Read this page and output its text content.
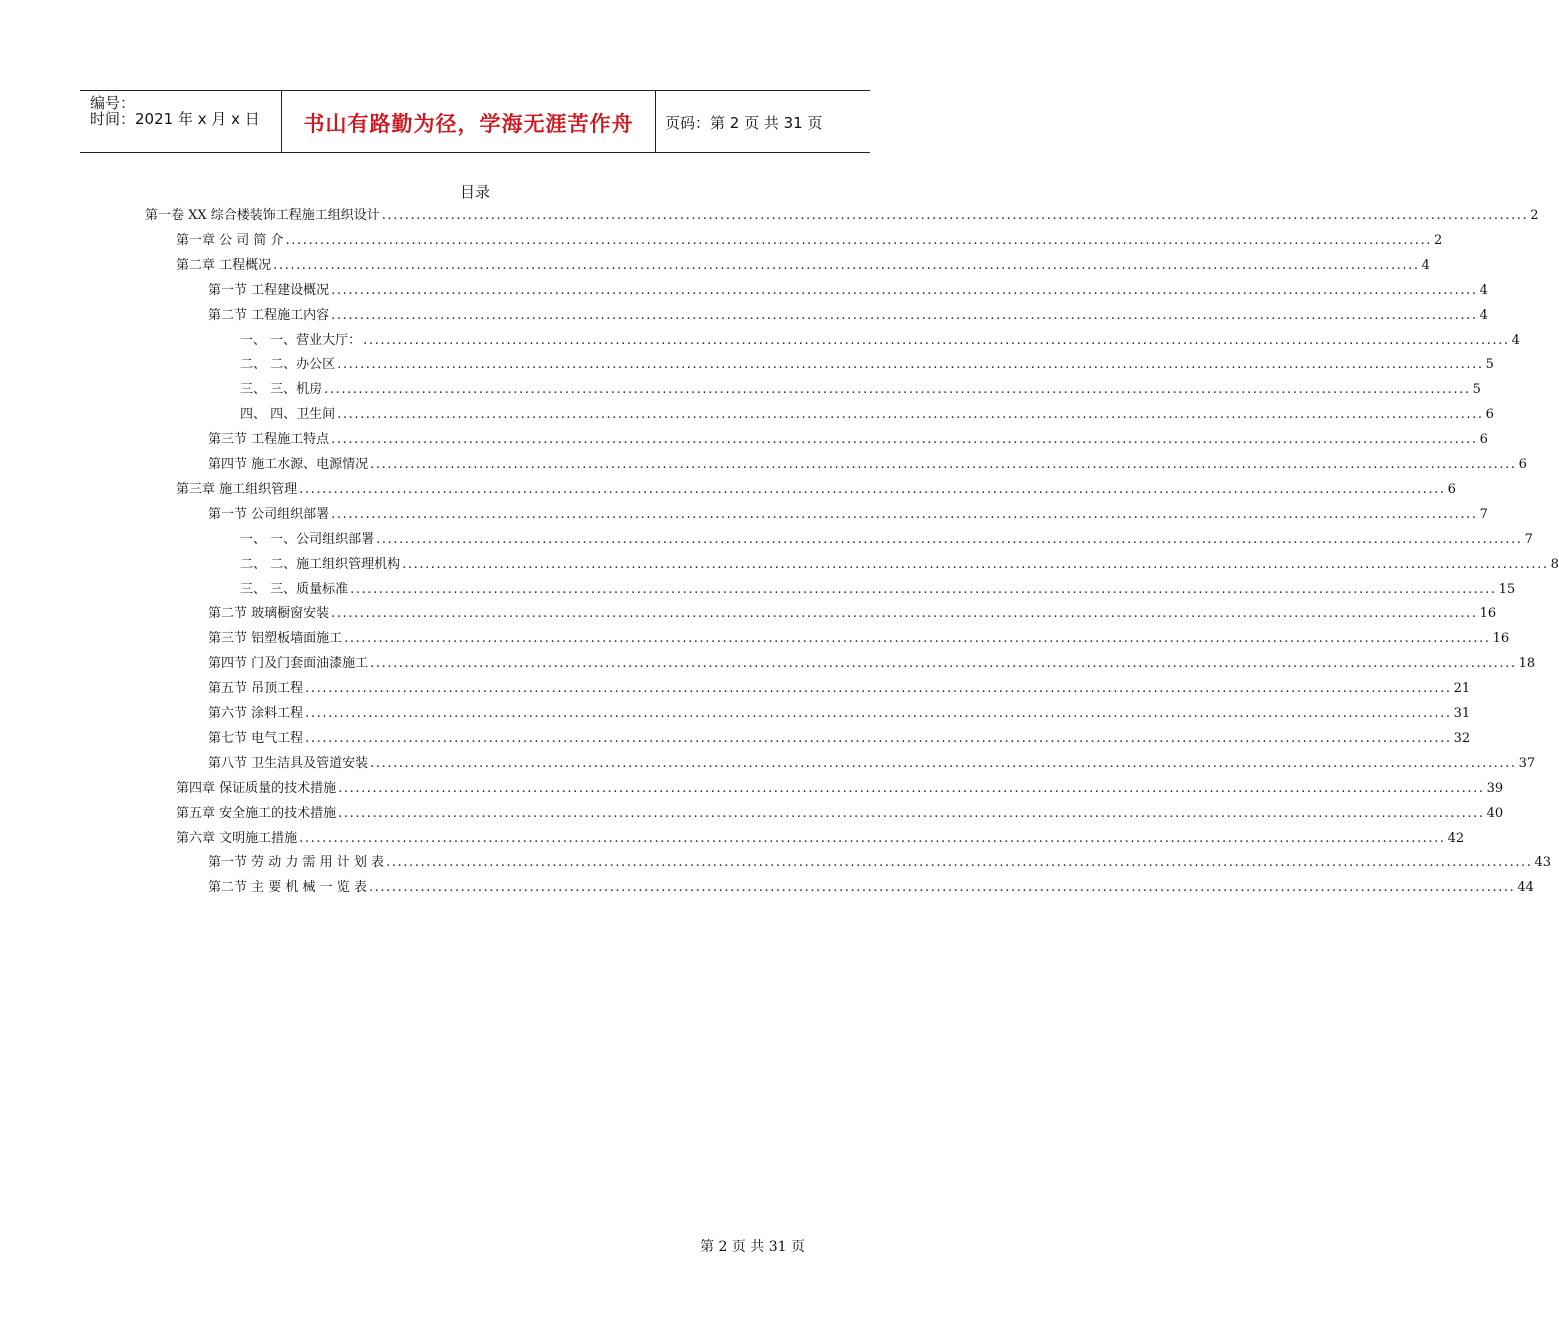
编号：
时间：2021 年 x 月 x 日	书山有路勤为径，学海无涯苦作舟	页码：第 2 页 共 31 页
目录
第一卷 XX 综合楼装饰工程施工组织设计 ........................................................................................................................................................................................................ 2
第一章 公 司 简 介 ........................................................................................................................................................................................................ 2
第二章 工程概况 ........................................................................................................................................................................................................ 4
第一节 工程建设概况 ........................................................................................................................................................................................................ 4
第二节 工程施工内容 ........................................................................................................................................................................................................ 4
一、 一、营业大厅： ........................................................................................................................................................................................................ 4
二、 二、办公区 ........................................................................................................................................................................................................ 5
三、 三、机房 ........................................................................................................................................................................................................ 5
四、 四、卫生间 ........................................................................................................................................................................................................ 6
第三节 工程施工特点 ........................................................................................................................................................................................................ 6
第四节 施工水源、电源情况 ........................................................................................................................................................................................................ 6
第三章 施工组织管理 ........................................................................................................................................................................................................ 6
第一节 公司组织部署 ........................................................................................................................................................................................................ 7
一、 一、公司组织部署 ........................................................................................................................................................................................................ 7
二、 二、施工组织管理机构 ........................................................................................................................................................................................................ 8
三、 三、质量标准 ........................................................................................................................................................................................................ 15
第二节 玻璃橱窗安装 ........................................................................................................................................................................................................ 16
第三节 铝塑板墙面施工 ........................................................................................................................................................................................................ 16
第四节 门及门套面油漆施工 ........................................................................................................................................................................................................ 18
第五节 吊顶工程 ........................................................................................................................................................................................................ 21
第六节 涂料工程 ........................................................................................................................................................................................................ 31
第七节 电气工程 ........................................................................................................................................................................................................ 32
第八节 卫生洁具及管道安装 ........................................................................................................................................................................................................ 37
第四章 保证质量的技术措施 ........................................................................................................................................................................................................ 39
第五章 安全施工的技术措施 ........................................................................................................................................................................................................ 40
第六章 文明施工措施 ........................................................................................................................................................................................................ 42
第一节 劳 动 力 需 用 计 划 表 ........................................................................................................................................................................................................ 43
第二节 主 要 机 械 一 览 表 ........................................................................................................................................................................................................ 44
第 2 页 共 31 页
